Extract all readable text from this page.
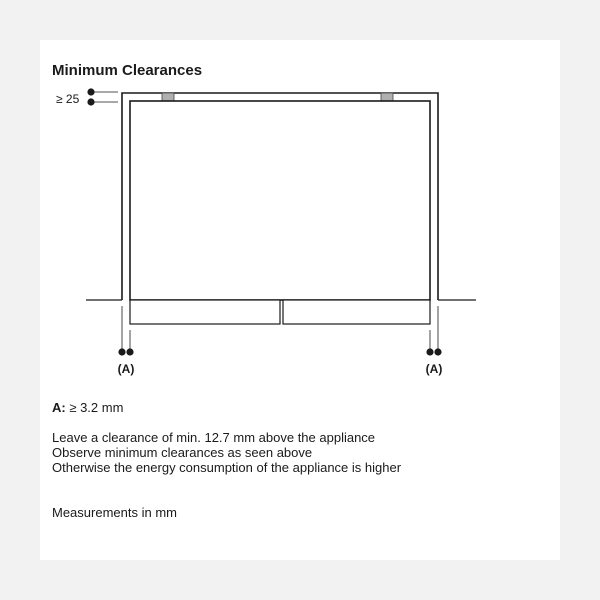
Minimum Clearances
≥ 25
(A)	(A)
A: ≥ 3.2 mm
Leave a clearance of min. 12.7 mm above the appliance
Observe minimum clearances as seen above
Otherwise the energy consumption of the appliance is higher
Measurements in mm
